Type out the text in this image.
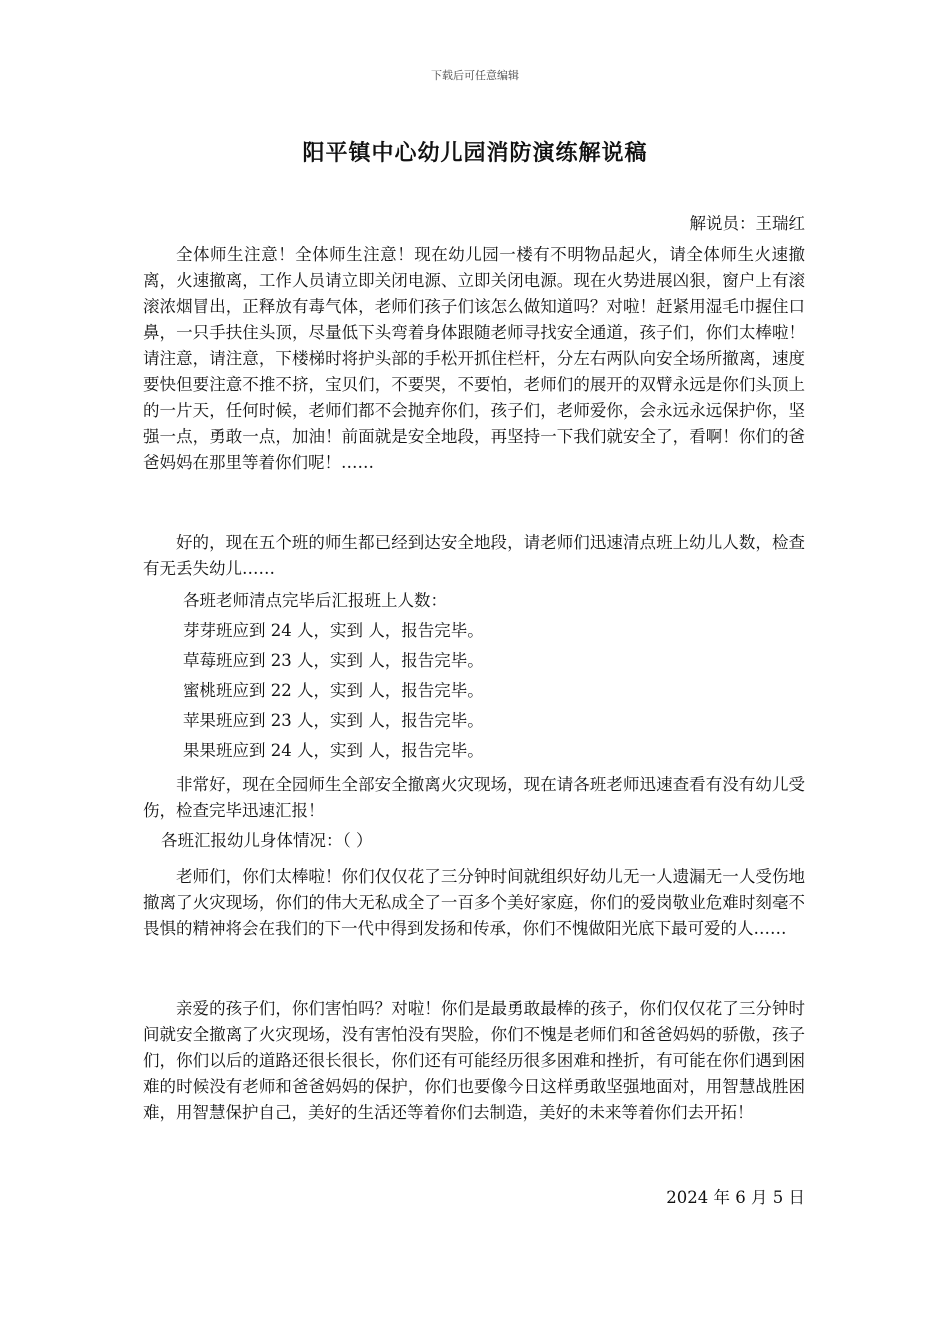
下载后可任意编辑
阳平镇中心幼儿园消防演练解说稿
解说员：王瑞红

全体师生注意！全体师生注意！现在幼儿园一楼有不明物品起火，请全体师生火速撤离，火速撤离，工作人员请立即关闭电源、立即关闭电源。现在火势进展凶狠，窗户上有滚滚浓烟冒出，正释放有毒气体，老师们孩子们该怎么做知道吗？对啦！赶紧用湿毛巾握住口鼻，一只手扶住头顶，尽量低下头弯着身体跟随老师寻找安全通道，孩子们，你们太棒啦！请注意，请注意，下楼梯时将护头部的手松开抓住栏杆，分左右两队向安全场所撤离，速度要快但要注意不推不挤，宝贝们，不要哭，不要怕，老师们的展开的双臂永远是你们头顶上的一片天，任何时候，老师们都不会抛弃你们，孩子们，老师爱你，会永远永远保护你，坚强一点，勇敢一点，加油！前面就是安全地段，再坚持一下我们就安全了，看啊！你们的爸爸妈妈在那里等着你们呢！……

好的，现在五个班的师生都已经到达安全地段，请老师们迅速清点班上幼儿人数，检查有无丢失幼儿……

各班老师清点完毕后汇报班上人数：
芽芽班应到 24 人，实到 人，报告完毕。
草莓班应到 23 人，实到 人，报告完毕。
蜜桃班应到 22 人，实到 人，报告完毕。
苹果班应到 23 人，实到 人，报告完毕。
果果班应到 24 人，实到 人，报告完毕。

非常好，现在全园师生全部安全撤离火灾现场，现在请各班老师迅速查看有没有幼儿受伤，检查完毕迅速汇报！

各班汇报幼儿身体情况：（ ）

老师们，你们太棒啦！你们仅仅花了三分钟时间就组织好幼儿无一人遗漏无一人受伤地撤离了火灾现场，你们的伟大无私成全了一百多个美好家庭，你们的爱岗敬业危难时刻毫不畏惧的精神将会在我们的下一代中得到发扬和传承，你们不愧做阳光底下最可爱的人……

亲爱的孩子们，你们害怕吗？对啦！你们是最勇敢最棒的孩子，你们仅仅花了三分钟时间就安全撤离了火灾现场，没有害怕没有哭脸，你们不愧是老师们和爸爸妈妈的骄傲，孩子们，你们以后的道路还很长很长，你们还有可能经历很多困难和挫折，有可能在你们遇到困难的时候没有老师和爸爸妈妈的保护，你们也要像今日这样勇敢坚强地面对，用智慧战胜困难，用智慧保护自己，美好的生活还等着你们去制造，美好的未来等着你们去开拓！

2024 年 6 月 5 日
